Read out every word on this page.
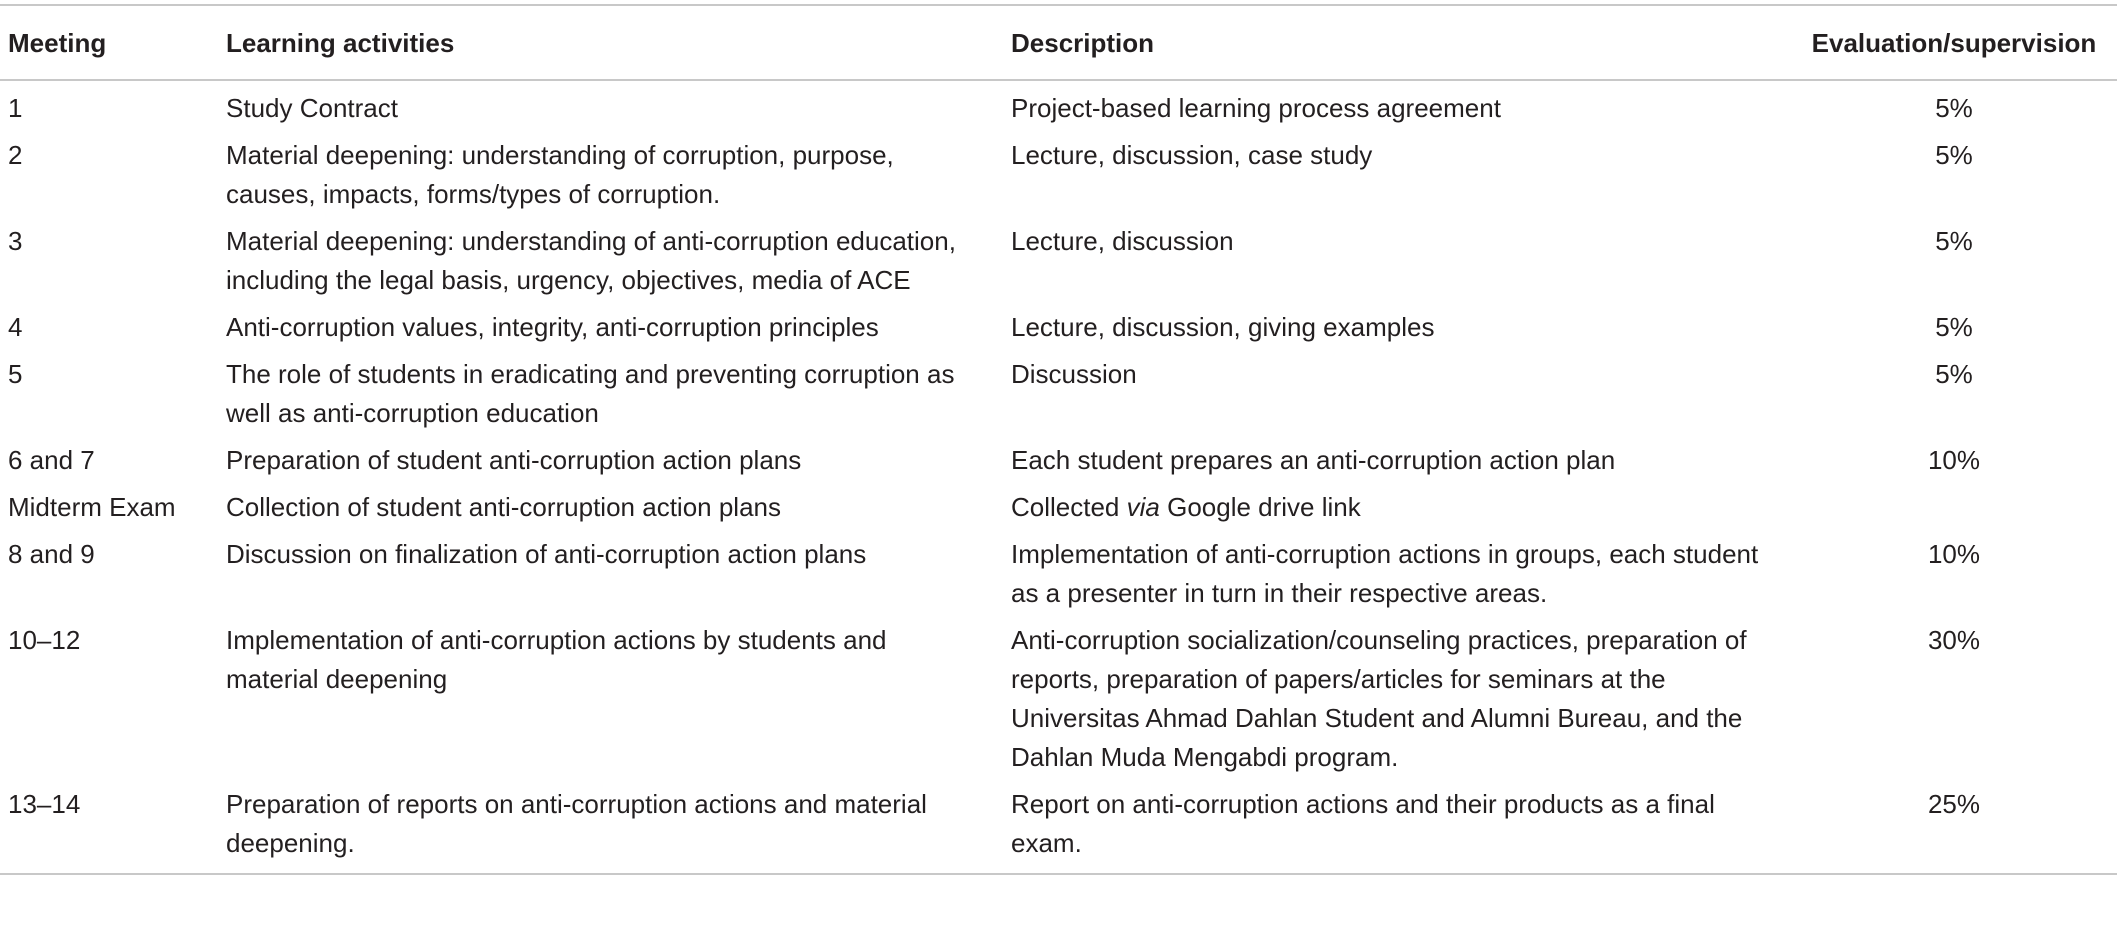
Meeting	Learning activities	Description	Evaluation/supervision
1	Study Contract	Project-based learning process agreement	5%
2	Material deepening: understanding of corruption, purpose, causes, impacts, forms/types of corruption.	Lecture, discussion, case study	5%
3	Material deepening: understanding of anti-corruption education, including the legal basis, urgency, objectives, media of ACE	Lecture, discussion	5%
4	Anti-corruption values, integrity, anti-corruption principles	Lecture, discussion, giving examples	5%
5	The role of students in eradicating and preventing corruption as well as anti-corruption education	Discussion	5%
6 and 7	Preparation of student anti-corruption action plans	Each student prepares an anti-corruption action plan	10%
Midterm Exam	Collection of student anti-corruption action plans	Collected via Google drive link	
8 and 9	Discussion on finalization of anti-corruption action plans	Implementation of anti-corruption actions in groups, each student as a presenter in turn in their respective areas.	10%
10–12	Implementation of anti-corruption actions by students and material deepening	Anti-corruption socialization/counseling practices, preparation of reports, preparation of papers/articles for seminars at the Universitas Ahmad Dahlan Student and Alumni Bureau, and the Dahlan Muda Mengabdi program.	30%
13–14	Preparation of reports on anti-corruption actions and material deepening.	Report on anti-corruption actions and their products as a final exam.	25%
